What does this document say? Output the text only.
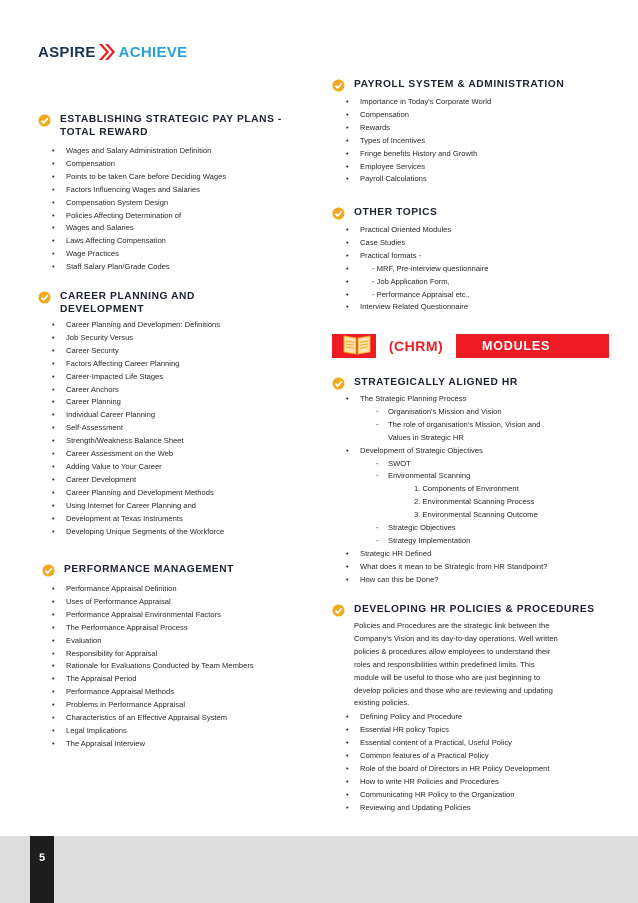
ASPIRE ACHIEVE
ESTABLISHING STRATEGIC PAY PLANS - TOTAL REWARD
•	Wages and Salary Administration Definition
•	Compensation
•	Points to be taken Care before Deciding Wages
•	Factors Influencing Wages and Salaries
•	Compensation System Design
•	Policies Affecting Determination of
•	Wages and Salaries
•	Laws Affecting Compensation
•	Wage Practices
•	Staff Salary Plan/Grade Codes
CAREER PLANNING AND DEVELOPMENT
•	Career Planning and Developmen: Definitions
•	Job Security Versus
•	Career Security
•	Factors Affecting Career Planning
•	Career-Impacted Life Stages
•	Career Anchors
•	Career Planning
•	Individual Career Planning
•	Self-Assessment
•	Strength/Weakness Balance Sheet
•	Career Assessment on the Web
•	Adding Value to Your Career
•	Career Development
•	Career Planning and Development Methods
•	Using Internet for Career Planning and
•	Development at Texas Instruments
•	Developing Unique Segments of the Workforce
PERFORMANCE MANAGEMENT
•	Performance Appraisal Definition
•	Uses of Performance Appraisal
•	Performance Appraisal Environmental Factors
•	The Performance Appraisal Process
•	Evaluation
•	Responsibility for Appraisal
•	Rationale for Evaluations Conducted by Team Members
•	The Appraisal Period
•	Performance Appraisal Methods
•	Problems in Performance Appraisal
•	Characteristics of an Effective Appraisal System
•	Legal Implications
•	The Appraisal Interview
PAYROLL SYSTEM & ADMINISTRATION
•	Importance in Today's Corporate World
•	Compensation
•	Rewards
•	Types of Incentives
•	Fringe benefits History and Growth
•	Employee Services
•	Payroll Calculations
OTHER TOPICS
•	Practical Oriented Modules
•	Case Studies
•	Practical formats -
•	- MRF, Pre-interview questionnaire
•	- Job Application Form,
•	- Performance Appraisal etc.,
•	Interview Related Questionnaire
(CHRM)	MODULES
STRATEGICALLY ALIGNED HR
•	The Strategic Planning Process
-	Organisation's Mission and Vision
-	The role of organisation's Mission, Vision and
Values in Strategic HR
•	Development of Strategic Objectives
-	SWOT
-	Environmental Scanning
1. Components of Environment
2. Environmental Scanning Process
3. Environmental Scanning Outcome
-	Strategic Objectives
-	Strategy Implementation
•	Strategic HR Defined
•	What does it mean to be Strategic from HR Standpoint?
•	How can this be Done?
DEVELOPING HR POLICIES & PROCEDURES
Policies and Procedures are the strategic link between the
Company's Vision and its day-to-day operations. Well written
policies & procedures allow employees to understand their
roles and responsibilities within predefined limits. This
module will be useful to those who are just beginning to
develop policies and those who are reviewing and updating
existing policies.
•	Defining Policy and Procedure
•	Essential HR policy Topics
•	Essential content of a Practical, Useful Policy
•	Common features of a Practical Policy
•	Role of the board of Directors in HR Policy Development
•	How to write HR Policies and Procedures
•	Communicating HR Policy to the Organization
•	Reviewing and Updating Policies
5
